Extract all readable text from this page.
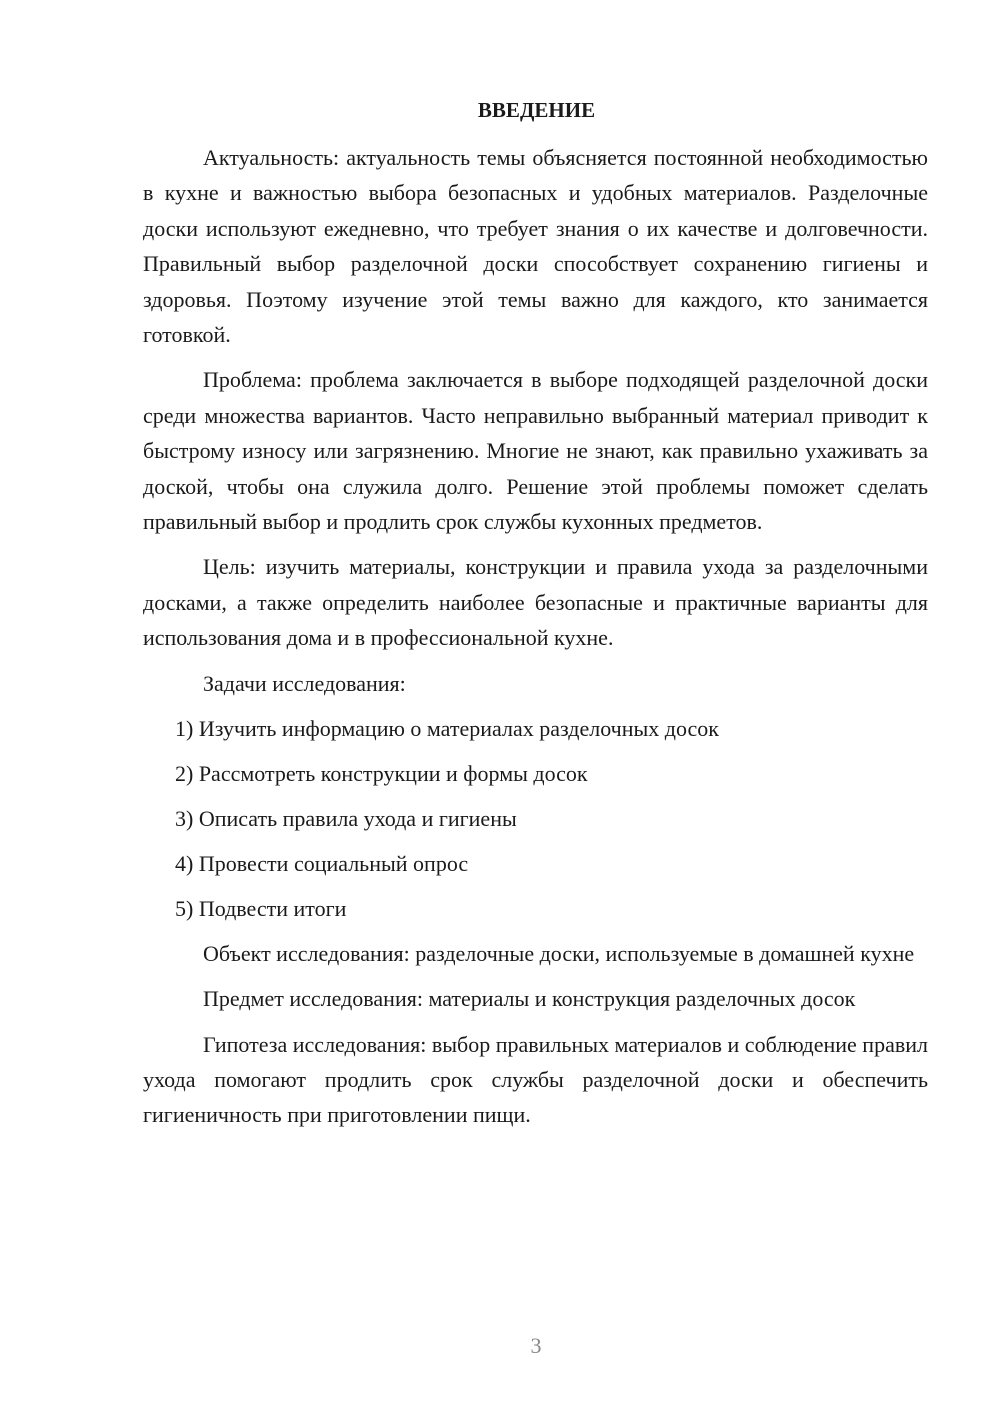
ВВЕДЕНИЕ

Актуальность: актуальность темы объясняется постоянной необходимостью в кухне и важностью выбора безопасных и удобных материалов. Разделочные доски используют ежедневно, что требует знания о их качестве и долговечности. Правильный выбор разделочной доски способствует сохранению гигиены и здоровья. Поэтому изучение этой темы важно для каждого, кто занимается готовкой.

Проблема: проблема заключается в выборе подходящей разделочной доски среди множества вариантов. Часто неправильно выбранный материал приводит к быстрому износу или загрязнению. Многие не знают, как правильно ухаживать за доской, чтобы она служила долго. Решение этой проблемы поможет сделать правильный выбор и продлить срок службы кухонных предметов.

Цель: изучить материалы, конструкции и правила ухода за разделочными досками, а также определить наиболее безопасные и практичные варианты для использования дома и в профессиональной кухне.

Задачи исследования:
1) Изучить информацию о материалах разделочных досок
2) Рассмотреть конструкции и формы досок
3) Описать правила ухода и гигиены
4) Провести социальный опрос
5) Подвести итоги

Объект исследования: разделочные доски, используемые в домашней кухне

Предмет исследования: материалы и конструкция разделочных досок

Гипотеза исследования: выбор правильных материалов и соблюдение правил ухода помогают продлить срок службы разделочной доски и обеспечить гигиеничность при приготовлении пищи.

3
